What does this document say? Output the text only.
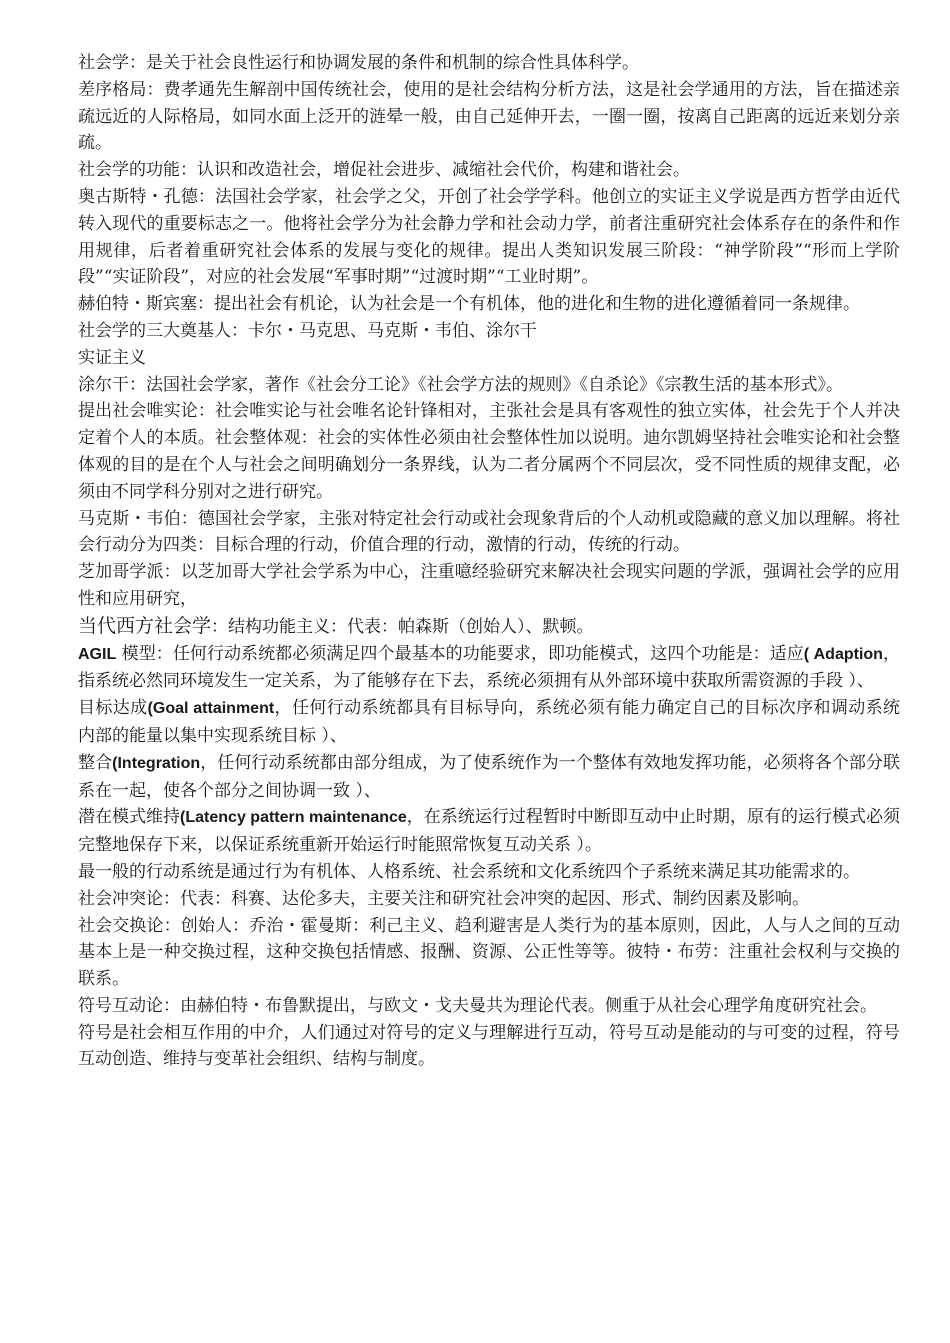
社会学：是关于社会良性运行和协调发展的条件和机制的综合性具体科学。

差序格局：费孝通先生解剖中国传统社会，使用的是社会结构分析方法，这是社会学通用的方法，旨在描述亲疏远近的人际格局，如同水面上泛开的涟晕一般，由自己延伸开去，一圈一圈，按离自己距离的远近来划分亲疏。

社会学的功能：认识和改造社会，增促社会进步、减缩社会代价，构建和谐社会。

奥古斯特・孔德：法国社会学家，社会学之父，开创了社会学学科。他创立的实证主义学说是西方哲学由近代转入现代的重要标志之一。他将社会学分为社会静力学和社会动力学，前者注重研究社会体系存在的条件和作用规律，后者着重研究社会体系的发展与变化的规律。提出人类知识发展三阶段：“神学阶段”“形而上学阶段”“实证阶段”，对应的社会发展“军事时期”“过渡时期”“工业时期”。

赫伯特・斯宾塞：提出社会有机论，认为社会是一个有机体，他的进化和生物的进化遵循着同一条规律。

社会学的三大奠基人：卡尔・马克思、马克斯・韦伯、涂尔干

实证主义

涂尔干：法国社会学家，著作《社会分工论》《社会学方法的规则》《自杀论》《宗教生活的基本形式》。

提出社会唯实论：社会唯实论与社会唯名论针锋相对，主张社会是具有客观性的独立实体，社会先于个人并决定着个人的本质。社会整体观：社会的实体性必须由社会整体性加以说明。迪尔凯姆坚持社会唯实论和社会整体观的目的是在个人与社会之间明确划分一条界线，认为二者分属两个不同层次，受不同性质的规律支配，必须由不同学科分别对之进行研究。

马克斯・韦伯：德国社会学家，主张对特定社会行动或社会现象背后的个人动机或隐藏的意义加以理解。将社会行动分为四类：目标合理的行动，价值合理的行动，激情的行动，传统的行动。

芝加哥学派：以芝加哥大学社会学系为中心，注重噫经验研究来解决社会现实问题的学派，强调社会学的应用性和应用研究，

当代西方社会学：结构功能主义：代表：帕森斯（创始人）、默顿。

AGIL 模型：任何行动系统都必须满足四个最基本的功能要求，即功能模式，这四个功能是：适应( Adaption，指系统必然同环境发生一定关系，为了能够存在下去，系统必须拥有从外部环境中获取所需资源的手段 ）、

目标达成(Goal attainment，任何行动系统都具有目标导向，系统必须有能力确定自己的目标次序和调动系统内部的能量以集中实现系统目标 ）、

整合(Integration，任何行动系统都由部分组成，为了使系统作为一个整体有效地发挥功能，必须将各个部分联系在一起，使各个部分之间协调一致 ）、

潜在模式维持(Latency pattern maintenance，在系统运行过程暂时中断即互动中止时期，原有的运行模式必须完整地保存下来，以保证系统重新开始运行时能照常恢复互动关系 ）。

最一般的行动系统是通过行为有机体、人格系统、社会系统和文化系统四个子系统来满足其功能需求的。

社会冲突论：代表：科赛、达伦多夫，主要关注和研究社会冲突的起因、形式、制约因素及影响。

社会交换论：创始人：乔治・霍曼斯：利己主义、趋利避害是人类行为的基本原则，因此，人与人之间的互动基本上是一种交换过程，这种交换包括情感、报酬、资源、公正性等等。彼特・布劳：注重社会权利与交换的联系。

符号互动论：由赫伯特・布鲁默提出，与欧文・戈夫曼共为理论代表。侧重于从社会心理学角度研究社会。

符号是社会相互作用的中介，人们通过对符号的定义与理解进行互动，符号互动是能动的与可变的过程，符号互动创造、维持与变革社会组织、结构与制度。
